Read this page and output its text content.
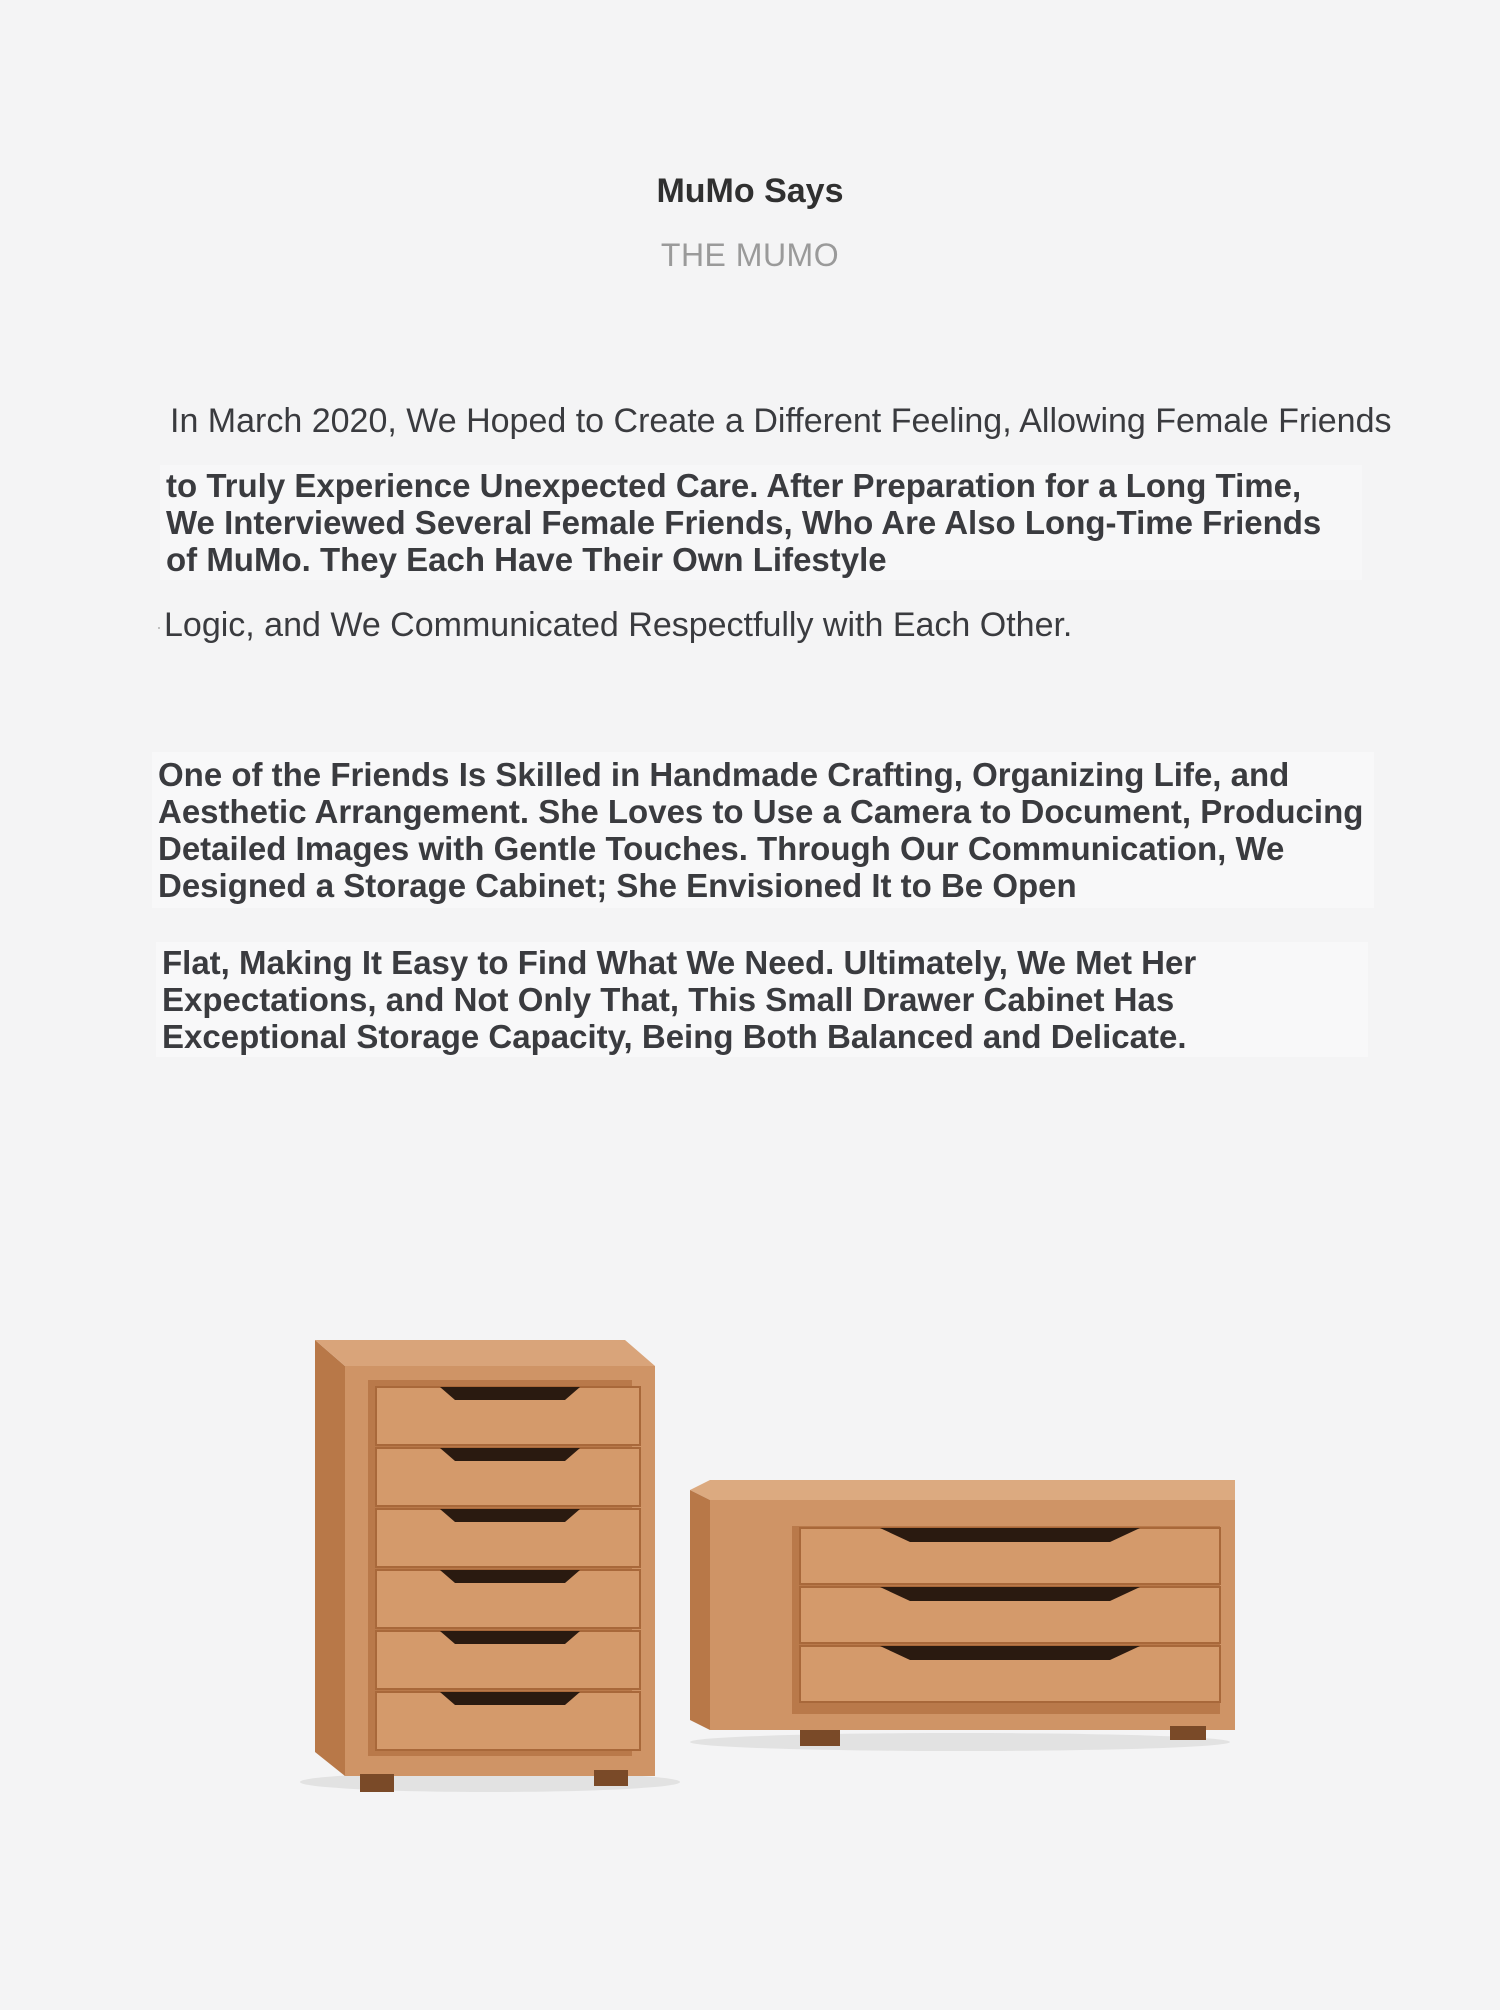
MuMo Says
THE MUMO
In March 2020, We Hoped to Create a Different Feeling, Allowing Female Friends
to Truly Experience Unexpected Care. After Preparation for a Long Time, We Interviewed Several Female Friends, Who Are Also Long-Time Friends of MuMo. They Each Have Their Own Lifestyle
·Logic, and We Communicated Respectfully with Each Other.
One of the Friends Is Skilled in Handmade Crafting, Organizing Life, and Aesthetic Arrangement. She Loves to Use a Camera to Document, Producing Detailed Images with Gentle Touches. Through Our Communication, We Designed a Storage Cabinet; She Envisioned It to Be Open
Flat, Making It Easy to Find What We Need. Ultimately, We Met Her Expectations, and Not Only That, This Small Drawer Cabinet Has Exceptional Storage Capacity, Being Both Balanced and Delicate.
